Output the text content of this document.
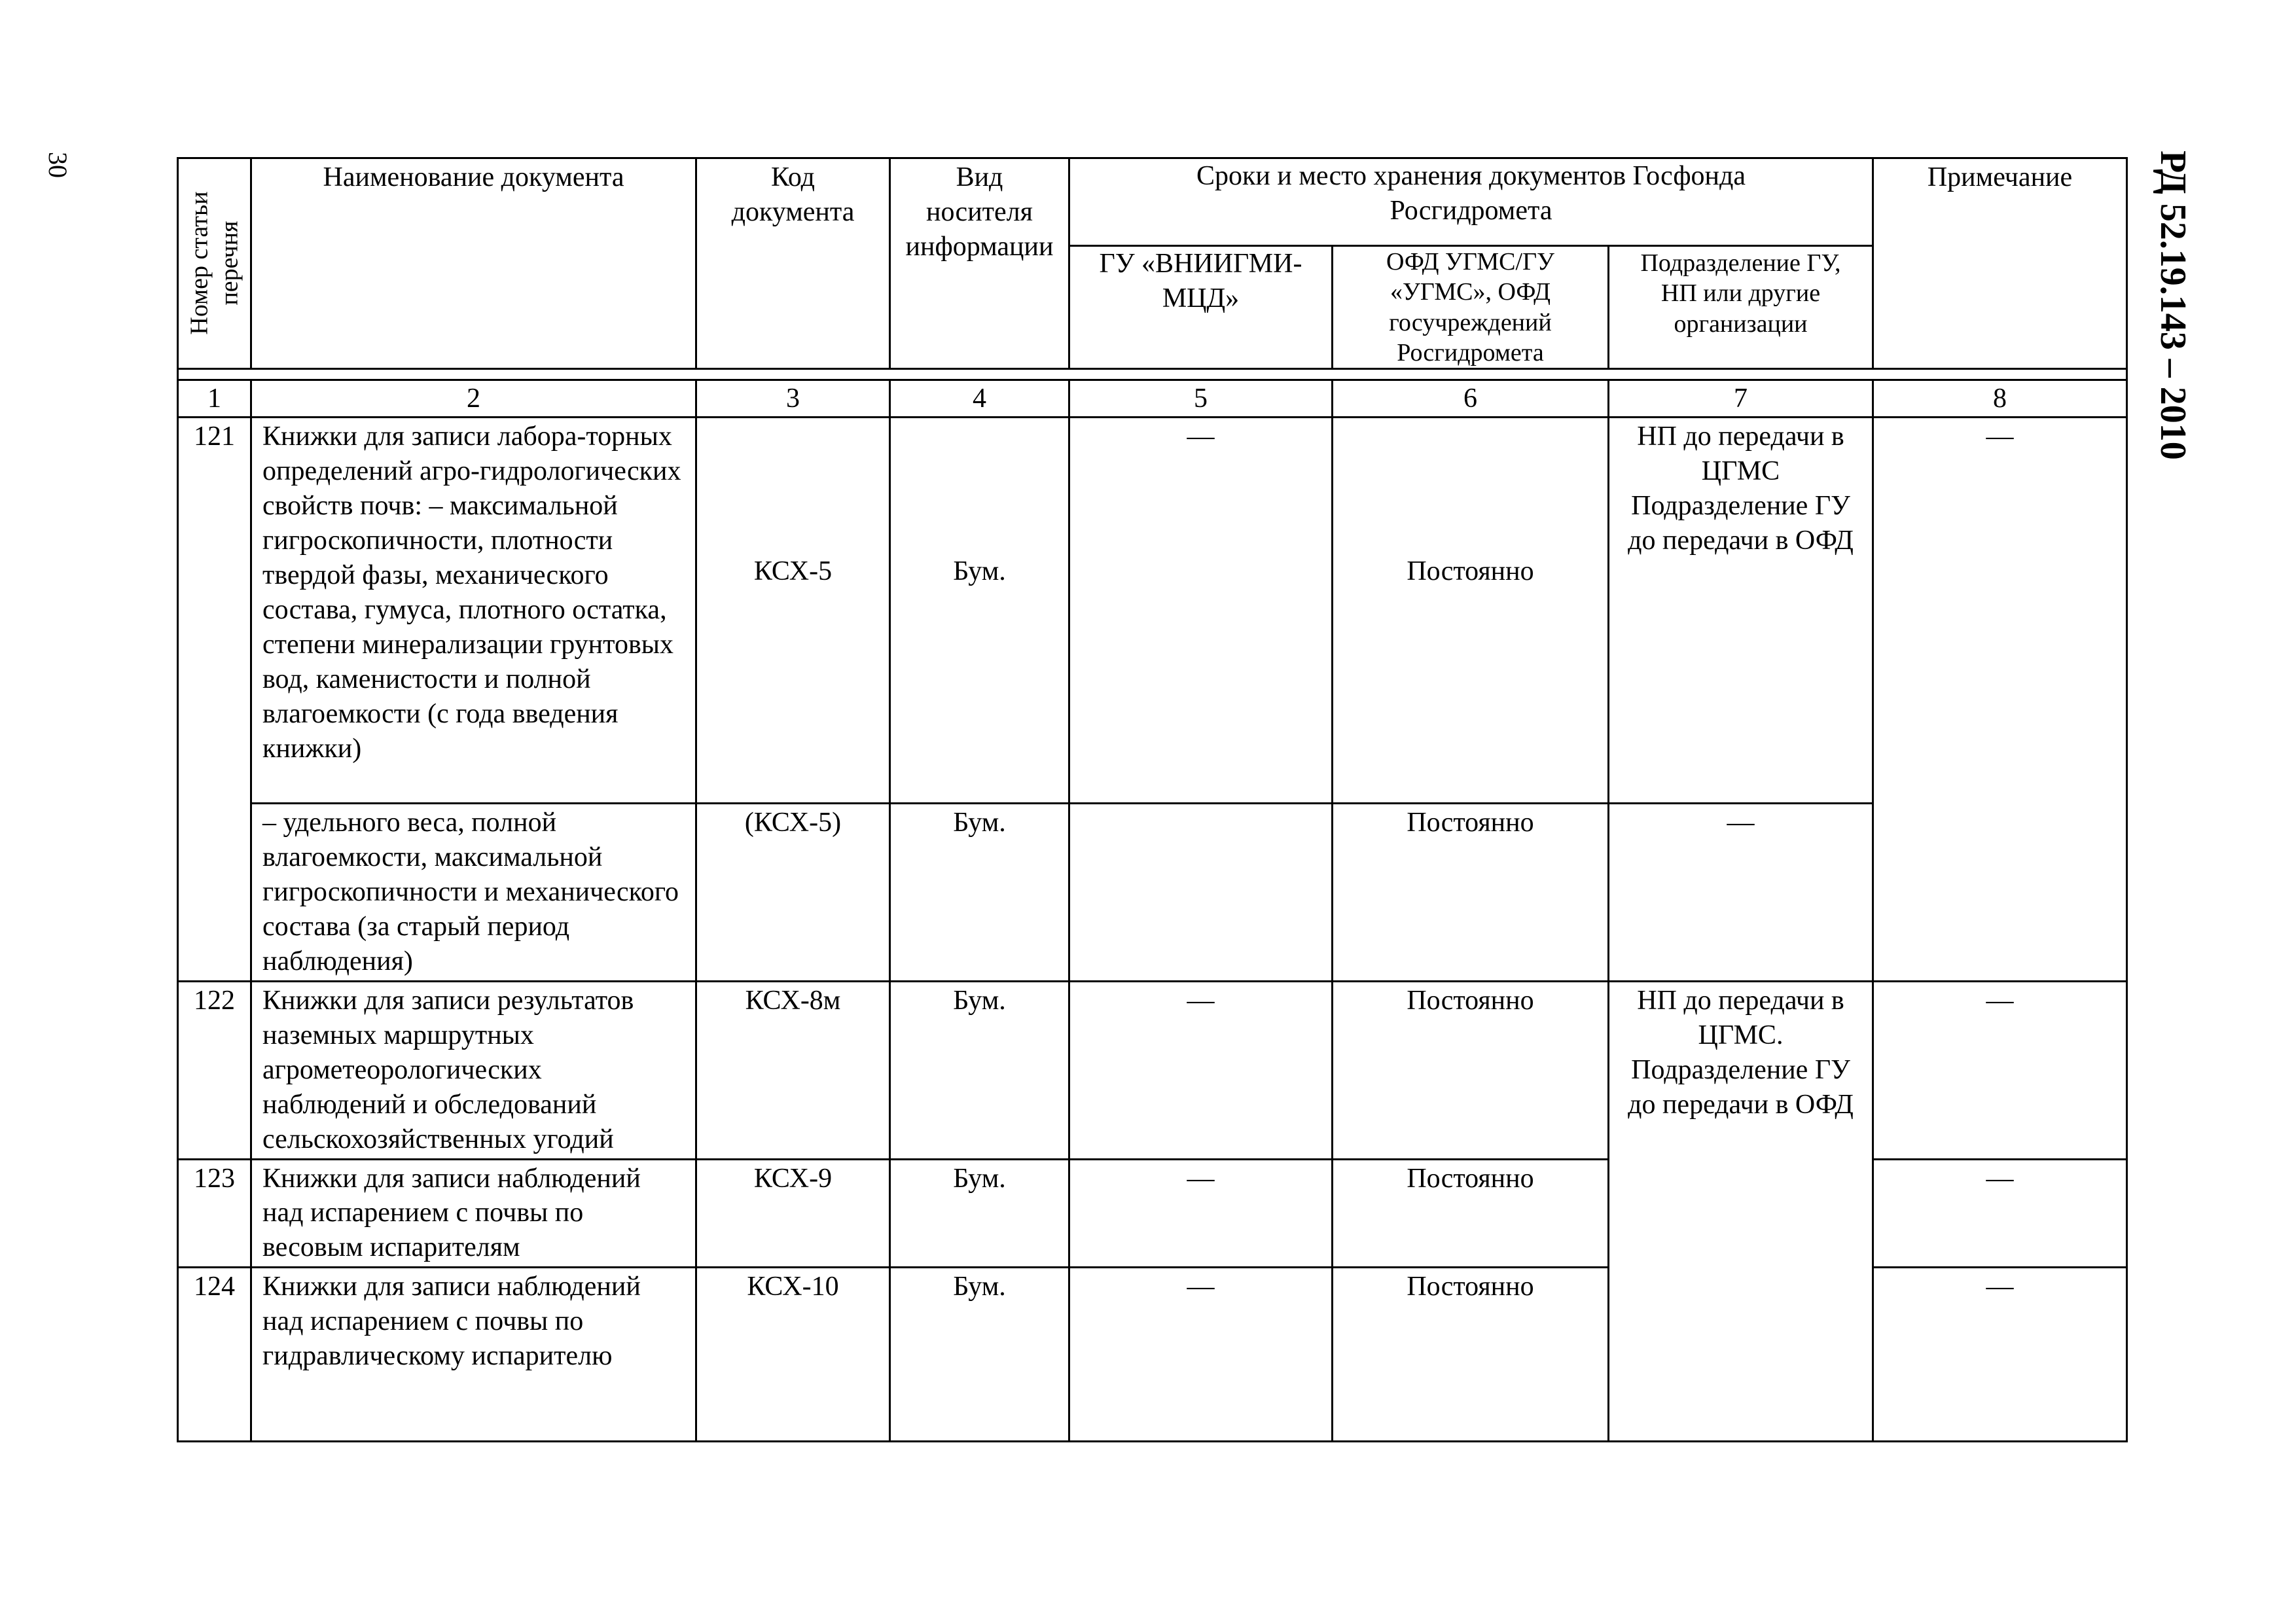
30	РД 52.19.143 – 2010
Номер статьи
перечня	Наименование документа	Код документа	Вид носителя информации	Сроки и место хранения документов Госфонда Росгидромета			Примечание
				ГУ «ВНИИГМИ-МЦД»	ОФД УГМС/ГУ «УГМС», ОФД госучреждений Росгидромета	Подразделение ГУ, НП или другие организации	

1	2	3	4	5	6	7	8
121	Книжки для записи лабора-торных определений агро-гидрологических свойств почв: – максимальной гигроскопичности, плотности твердой фазы, механического состава, гумуса, плотного остатка, степени минерализации грунтовых вод, каменистости и полной влагоемкости (с года введения книжки)	КСХ-5	Бум.	—	Постоянно	НП до передачи в ЦГМС Подразделение ГУ до передачи в ОФД	—
	– удельного веса, полной влагоемкости, максимальной гигроскопичности и механического состава (за старый период наблюдения)	(КСХ-5)	Бум.		Постоянно	—	
122	Книжки для записи результатов наземных маршрутных агрометеорологических наблюдений и обследований сельскохозяйственных угодий	КСХ-8м	Бум.	—	Постоянно	НП до передачи в ЦГМС. Подразделение ГУ до передачи в ОФД	—
123	Книжки для записи наблюдений над испарением с почвы по весовым испарителям	КСХ-9	Бум.	—	Постоянно		—
124	Книжки для записи наблюдений над испарением с почвы по гидравлическому испарителю	КСХ-10	Бум.	—	Постоянно		—
